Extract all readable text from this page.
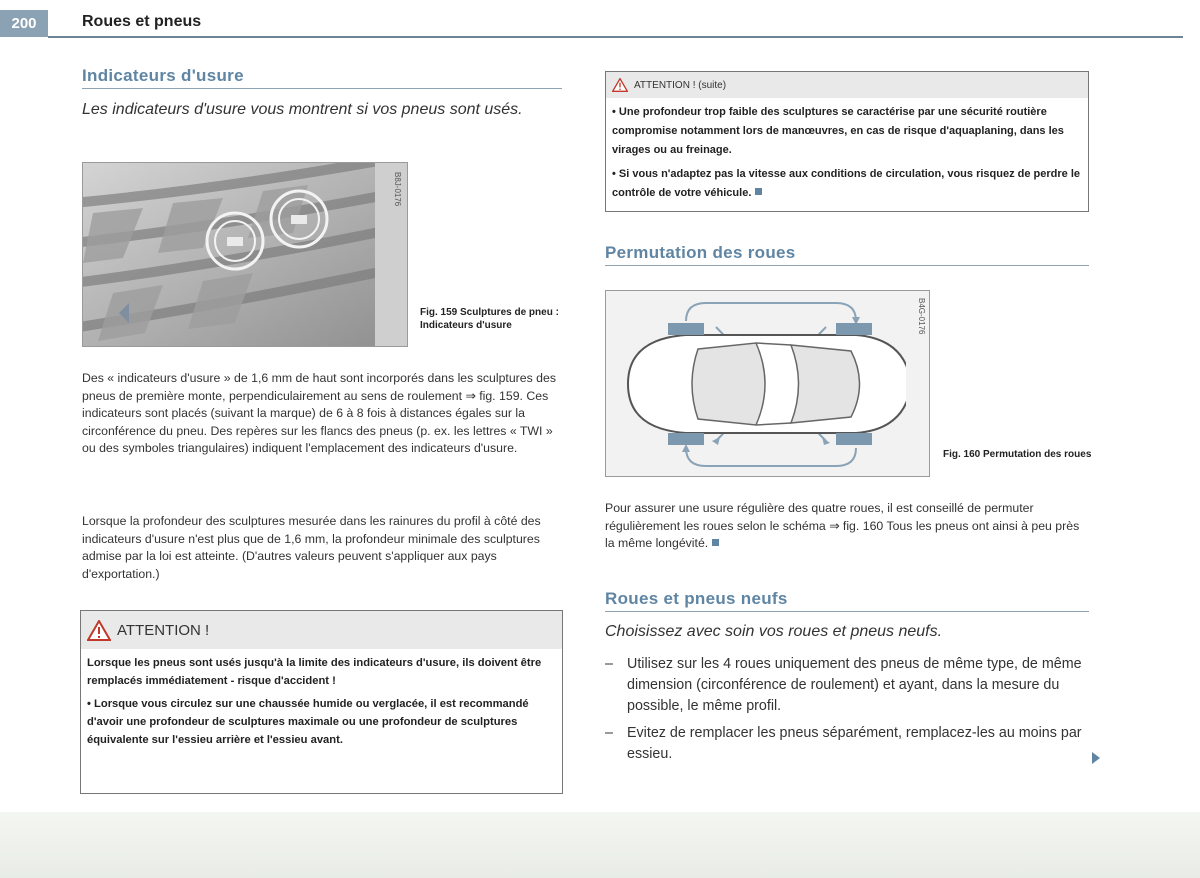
200	Roues et pneus
Indicateurs d'usure
Les indicateurs d'usure vous montrent si vos pneus sont usés.
B8J-0176
Fig. 159 Sculptures de pneu : Indicateurs d'usure
Des « indicateurs d'usure » de 1,6 mm de haut sont incorporés dans les sculptures des pneus de première monte, perpendiculairement au sens de roulement ⇒ fig. 159. Ces indicateurs sont placés (suivant la marque) de 6 à 8 fois à distances égales sur la circonférence du pneu. Des repères sur les flancs des pneus (p. ex. les lettres « TWI » ou des symboles triangulaires) indiquent l'emplacement des indicateurs d'usure.
Lorsque la profondeur des sculptures mesurée dans les rainures du profil à côté des indicateurs d'usure n'est plus que de 1,6 mm, la profondeur minimale des sculptures admise par la loi est atteinte. (D'autres valeurs peuvent s'appliquer aux pays d'exportation.)
ATTENTION !

Lorsque les pneus sont usés jusqu'à la limite des indicateurs d'usure, ils doivent être remplacés immédiatement - risque d'accident !

• Lorsque vous circulez sur une chaussée humide ou verglacée, il est recommandé d'avoir une profondeur de sculptures maximale ou une profondeur de sculptures équivalente sur l'essieu arrière et l'essieu avant.

ATTENTION ! (suite)

• Une profondeur trop faible des sculptures se caractérise par une sécurité routière compromise notamment lors de manœuvres, en cas de risque d'aquaplaning, dans les virages ou au freinage.

• Si vous n'adaptez pas la vitesse aux conditions de circulation, vous risquez de perdre le contrôle de votre véhicule.

Permutation des roues
B4G-0176
Fig. 160 Permutation des roues
Pour assurer une usure régulière des quatre roues, il est conseillé de permuter régulièrement les roues selon le schéma ⇒ fig. 160 Tous les pneus ont ainsi à peu près la même longévité.
Roues et pneus neufs
Choisissez avec soin vos roues et pneus neufs.
– Utilisez sur les 4 roues uniquement des pneus de même type, de même dimension (circonférence de roulement) et ayant, dans la mesure du possible, le même profil.
– Evitez de remplacer les pneus séparément, remplacez-les au moins par essieu.
